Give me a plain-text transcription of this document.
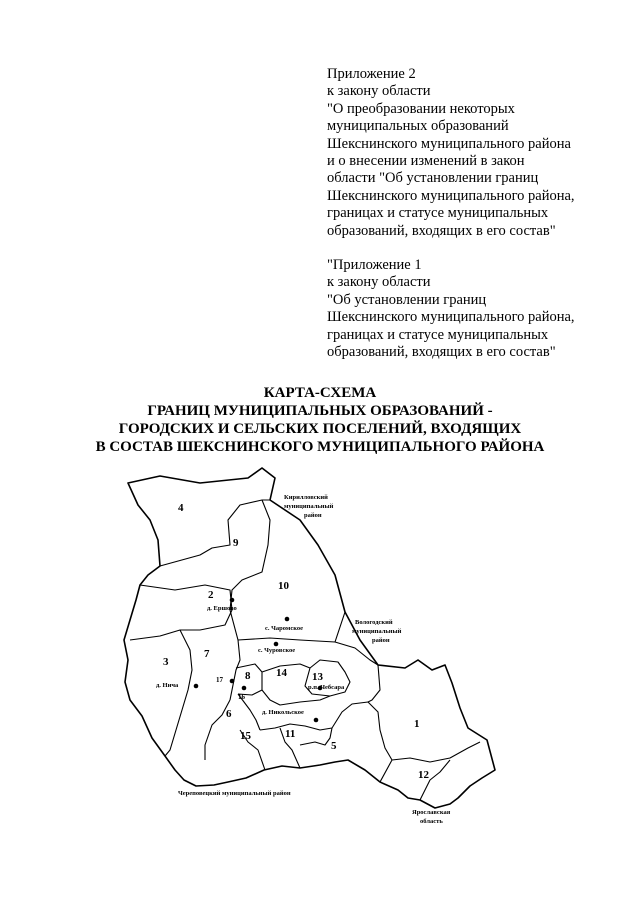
Приложение 2
к закону области
"О преобразовании некоторых
муниципальных образований
Шекснинского муниципального района
и о внесении изменений в закон
области "Об установлении границ
Шекснинского муниципального района,
границах и статусе муниципальных
образований, входящих в его состав"
"Приложение 1
к закону области
"Об установлении границ
Шекснинского муниципального района,
границах и статусе муниципальных
образований, входящих в его состав"
КАРТА-СХЕМА
ГРАНИЦ МУНИЦИПАЛЬНЫХ ОБРАЗОВАНИЙ -
ГОРОДСКИХ И СЕЛЬСКИХ ПОСЕЛЕНИЙ, ВХОДЯЩИХ
В СОСТАВ ШЕКСНИНСКОГО МУНИЦИПАЛЬНОГО РАЙОНА
4
9
10
2
3
7
8 14 13
6
15	11
5
1
12
17
16
д. Ершово
с. Чаромское
с. Чуровское
д. Нича	р.п. Чебсара
д. Никольское
Кирилловский
муниципальный
район
Вологодский
муниципальный
район
Череповецкий муниципальный район
Ярославская
область
